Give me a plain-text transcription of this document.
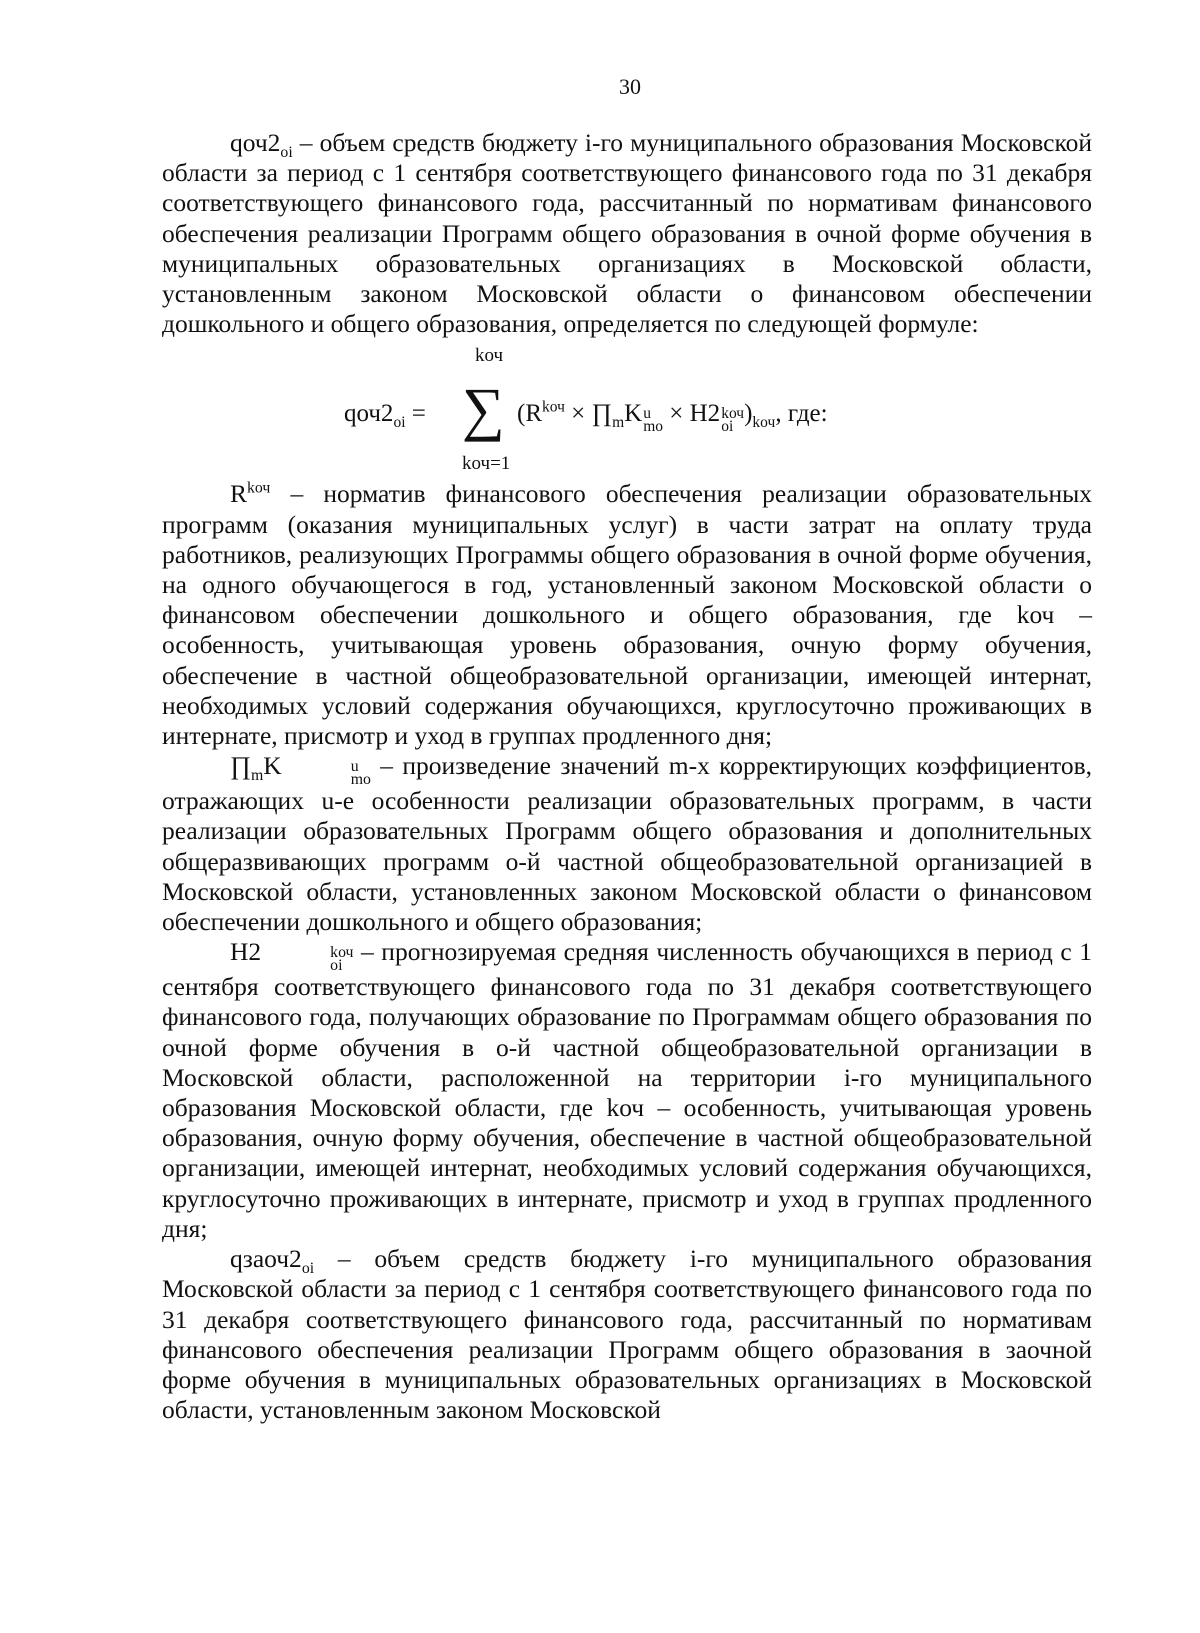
30

$qоч2_{oi}$ – объем средств бюджету i-го муниципального образования Московской области за период с 1 сентября соответствующего финансового года по 31 декабря соответствующего финансового года, рассчитанный по нормативам финансового обеспечения реализации Программ общего образования в очной форме обучения в муниципальных образовательных организациях в Московской области, установленным законом Московской области о финансовом обеспечении дошкольного и общего образования, определяется по следующей формуле:

$qоч2_{oi}$ =
kоч
∑
kоч=1
($R^{kоч}$ × $\prod_mK$ u
mo × H2 kоч
oi )$_{kоч}$, где:

$R^{kоч}$ – норматив финансового обеспечения реализации образовательных программ (оказания муниципальных услуг) в части затрат на оплату труда работников, реализующих Программы общего образования в очной форме обучения, на одного обучающегося в год, установленный законом Московской области о финансовом обеспечении дошкольного и общего образования, где kоч – особенность, учитывающая уровень образования, очную форму обучения, обеспечение в частной общеобразовательной организации, имеющей интернат, необходимых условий содержания обучающихся, круглосуточно проживающих в интернате, присмотр и уход в группах продленного дня;

$\prod_mK$	u
mo – произведение значений m-х корректирующих коэффициентов, отражающих u-е особенности реализации образовательных программ, в части реализации образовательных Программ общего образования и дополнительных общеразвивающих программ o-й частной общеобразовательной организацией в Московской области, установленных законом Московской области о финансовом обеспечении дошкольного и общего образования;

H2	kоч
oi – прогнозируемая средняя численность обучающихся в период с 1 сентября соответствующего финансового года по 31 декабря соответствующего финансового года, получающих образование по Программам общего образования по очной форме обучения в o-й частной общеобразовательной организации в Московской области, расположенной на территории i-го муниципального образования Московской области, где kоч – особенность, учитывающая уровень образования, очную форму обучения, обеспечение в частной общеобразовательной организации, имеющей интернат, необходимых условий содержания обучающихся, круглосуточно проживающих в интернате, присмотр и уход в группах продленного дня;

$qзаоч2_{oi}$ – объем средств бюджету i-го муниципального образования Московской области за период с 1 сентября соответствующего финансового года по 31 декабря соответствующего финансового года, рассчитанный по нормативам финансового обеспечения реализации Программ общего образования в заочной форме обучения в муниципальных образовательных организациях в Московской области, установленным законом Московской
